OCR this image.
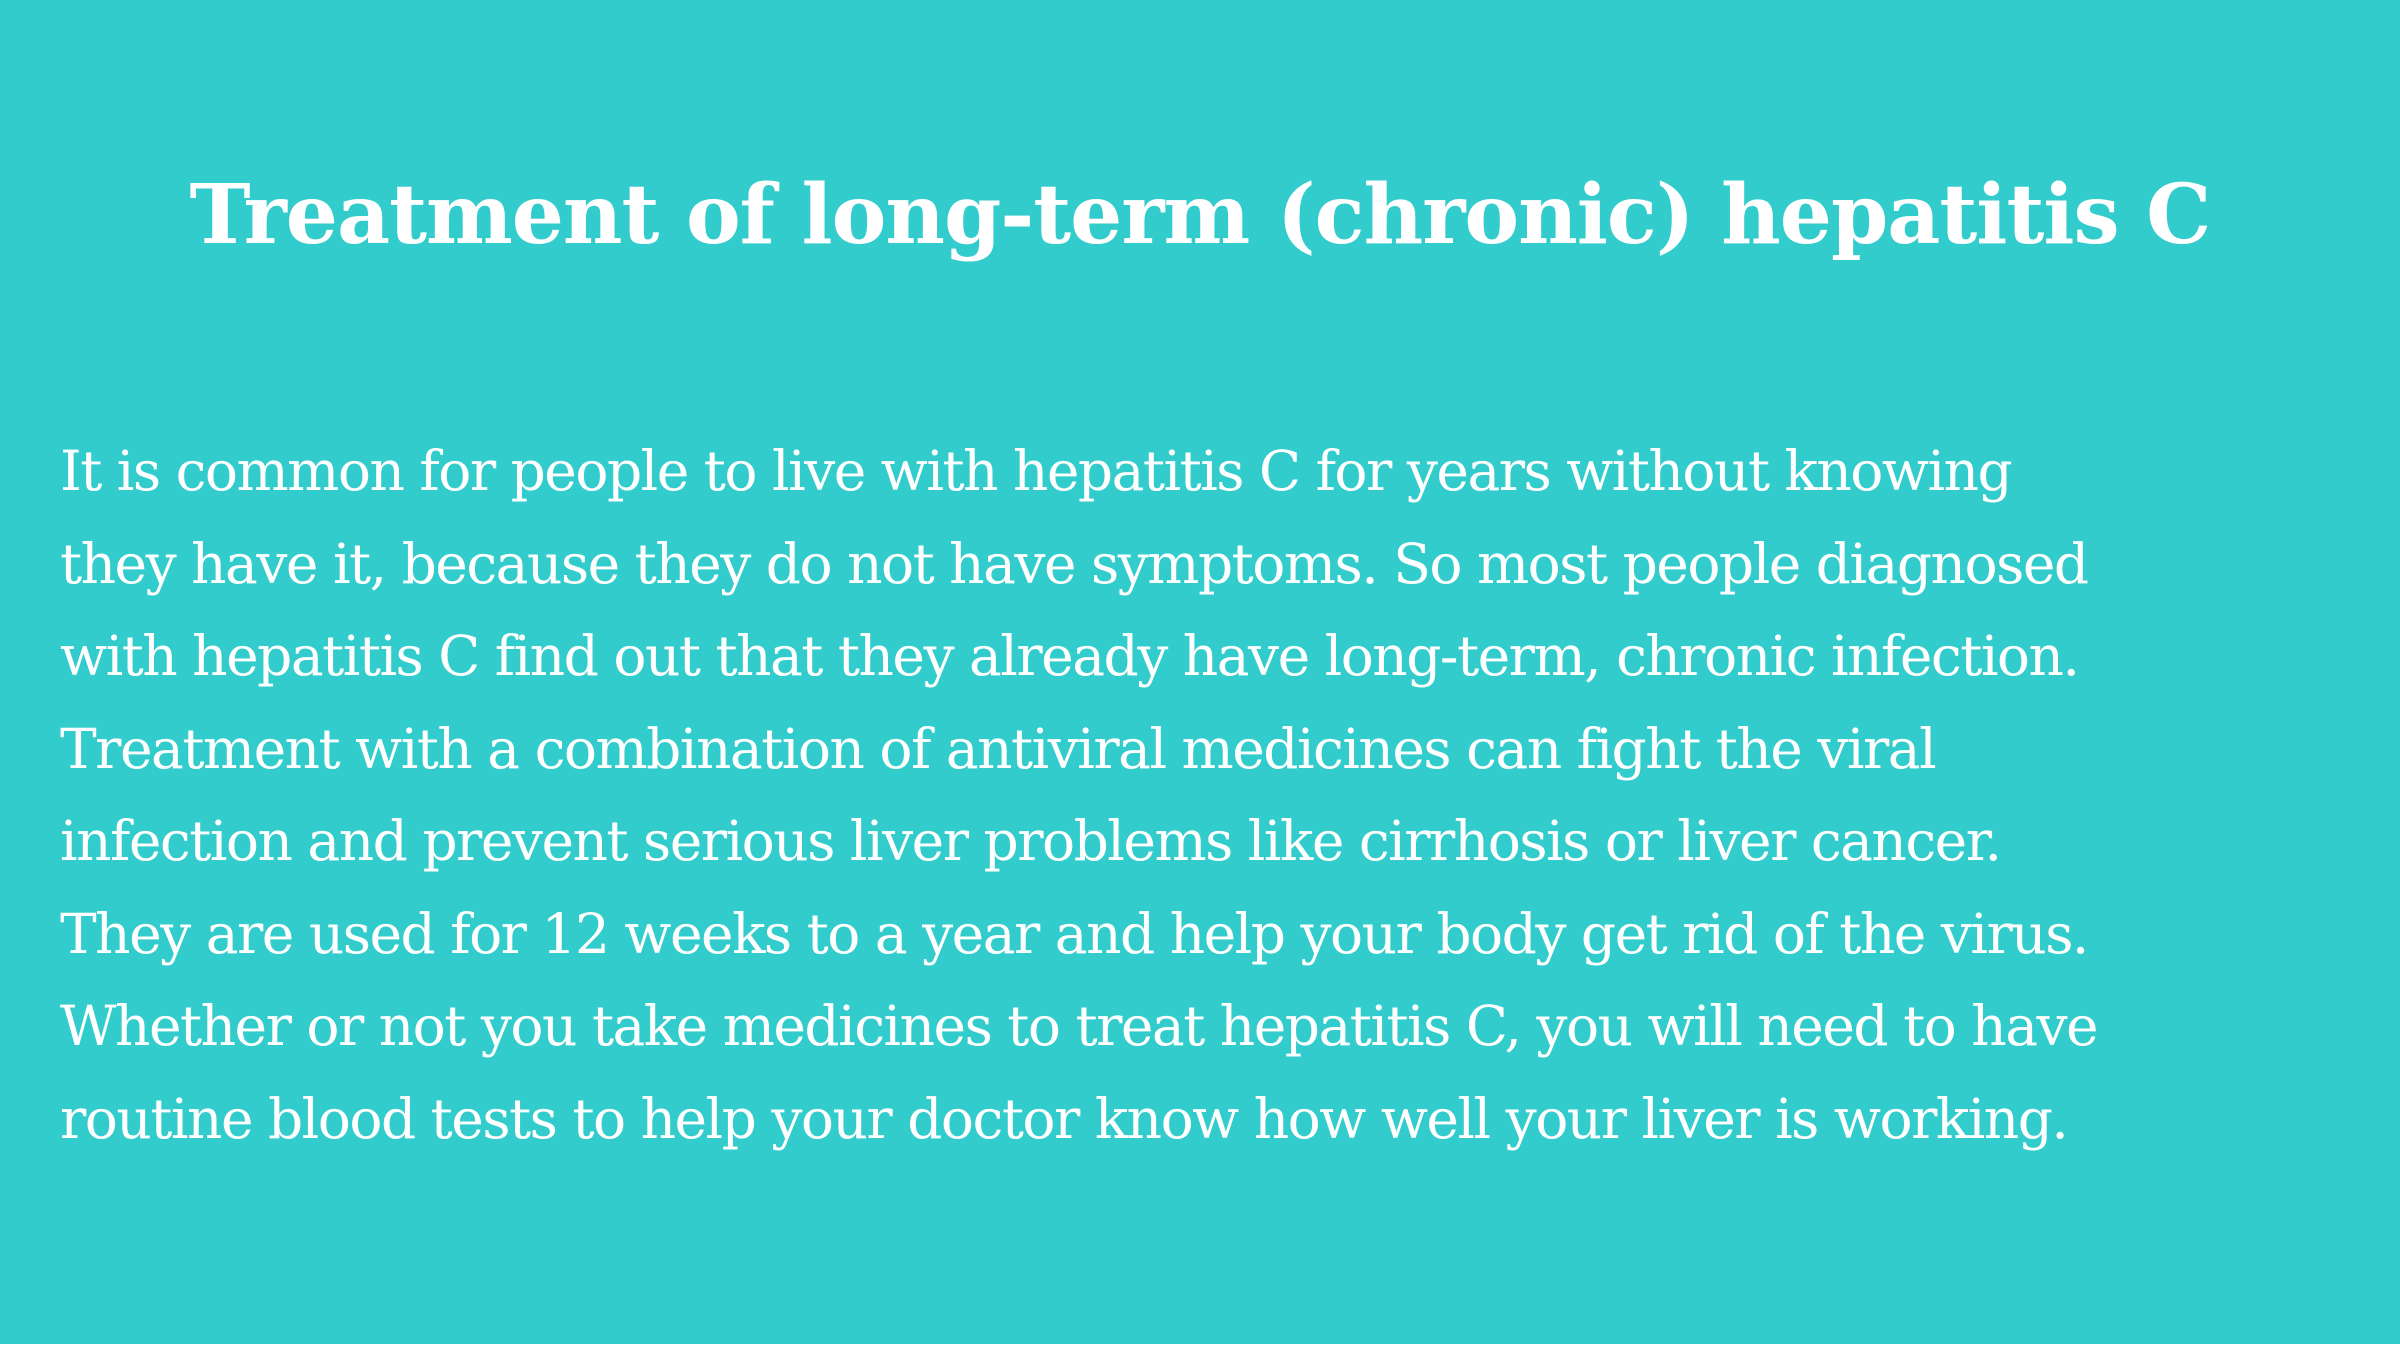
Treatment of long-term (chronic) hepatitis C

It is common for people to live with hepatitis C for years without knowing
they have it, because they do not have symptoms. So most people diagnosed
with hepatitis C find out that they already have long-term, chronic infection.
Treatment with a combination of antiviral medicines can fight the viral
infection and prevent serious liver problems like cirrhosis or liver cancer.
They are used for 12 weeks to a year and help your body get rid of the virus.
Whether or not you take medicines to treat hepatitis C, you will need to have
routine blood tests to help your doctor know how well your liver is working.
